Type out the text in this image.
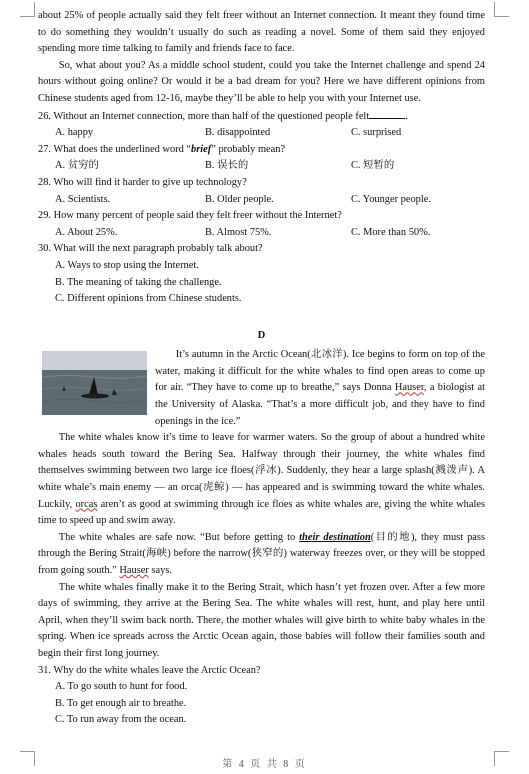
about 25% of people actually said they felt freer without an Internet connection. It meant they found time to do something they wouldn’t usually do such as reading a novel. Some of them said they enjoyed spending more time talking to family and friends face to face.

So, what about you? As a middle school student, could you take the Internet challenge and spend 24 hours without going online? Or would it be a bad dream for you? Here we have different opinions from Chinese students aged from 12-16, maybe they’ll be able to help you with your Internet use.

26. Without an Internet connection, more than half of the questioned people felt	.
A. happy	B. disappointed	C. surprised
27. What does the underlined word “brief” probably mean?
A. 贫穷的	B. 误长的	C. 短暂的
28. Who will find it harder to give up technology?
A. Scientists.	B. Older people.	C. Younger people.
29. How many percent of people said they felt freer without the Internet?
A. About 25%.	B. Almost 75%.	C. More than 50%.
30. What will the next paragraph probably talk about?
A. Ways to stop using the Internet.
B. The meaning of taking the challenge.
C. Different opinions from Chinese students.
D

It’s autumn in the Arctic Ocean(北冰洋). Ice begins to form on top of the water, making it difficult for the white whales to find open areas to come up for air. “They have to come up to breathe,” says Donna Hauser, a biologist at the University of Alaska. “That’s a more difficult job, and they have to find openings in the ice.”

The white whales know it’s time to leave for warmer waters. So the group of about a hundred white whales heads south toward the Bering Sea. Halfway through their journey, the white whales find themselves swimming between two large ice floes(浮冰). Suddenly, they hear a large splash(溅泼声). A white whale’s main enemy — an orca(虎鲸) — has appeared and is swimming toward the white whales. Luckily, orcas aren’t as good at swimming through ice floes as white whales are, giving the white whales time to speed up and swim away.

The white whales are safe now. “But before getting to their destination(目的地), they must pass through the Bering Strait(海峡) before the narrow(狭窄的) waterway freezes over, or they will be stopped from going south.” Hauser says.

The white whales finally make it to the Bering Strait, which hasn’t yet frozen over. After a few more days of swimming, they arrive at the Bering Sea. The white whales will rest, hunt, and play here until April, when they’ll swim back north. There, the mother whales will give birth to white baby whales in the spring. When ice spreads across the Arctic Ocean again, those babies will follow their families south and begin their first long journey.

31. Why do the white whales leave the Arctic Ocean?
A. To go south to hunt for food.
B. To get enough air to breathe.
C. To run away from the ocean.
第 4 页 共 8 页
